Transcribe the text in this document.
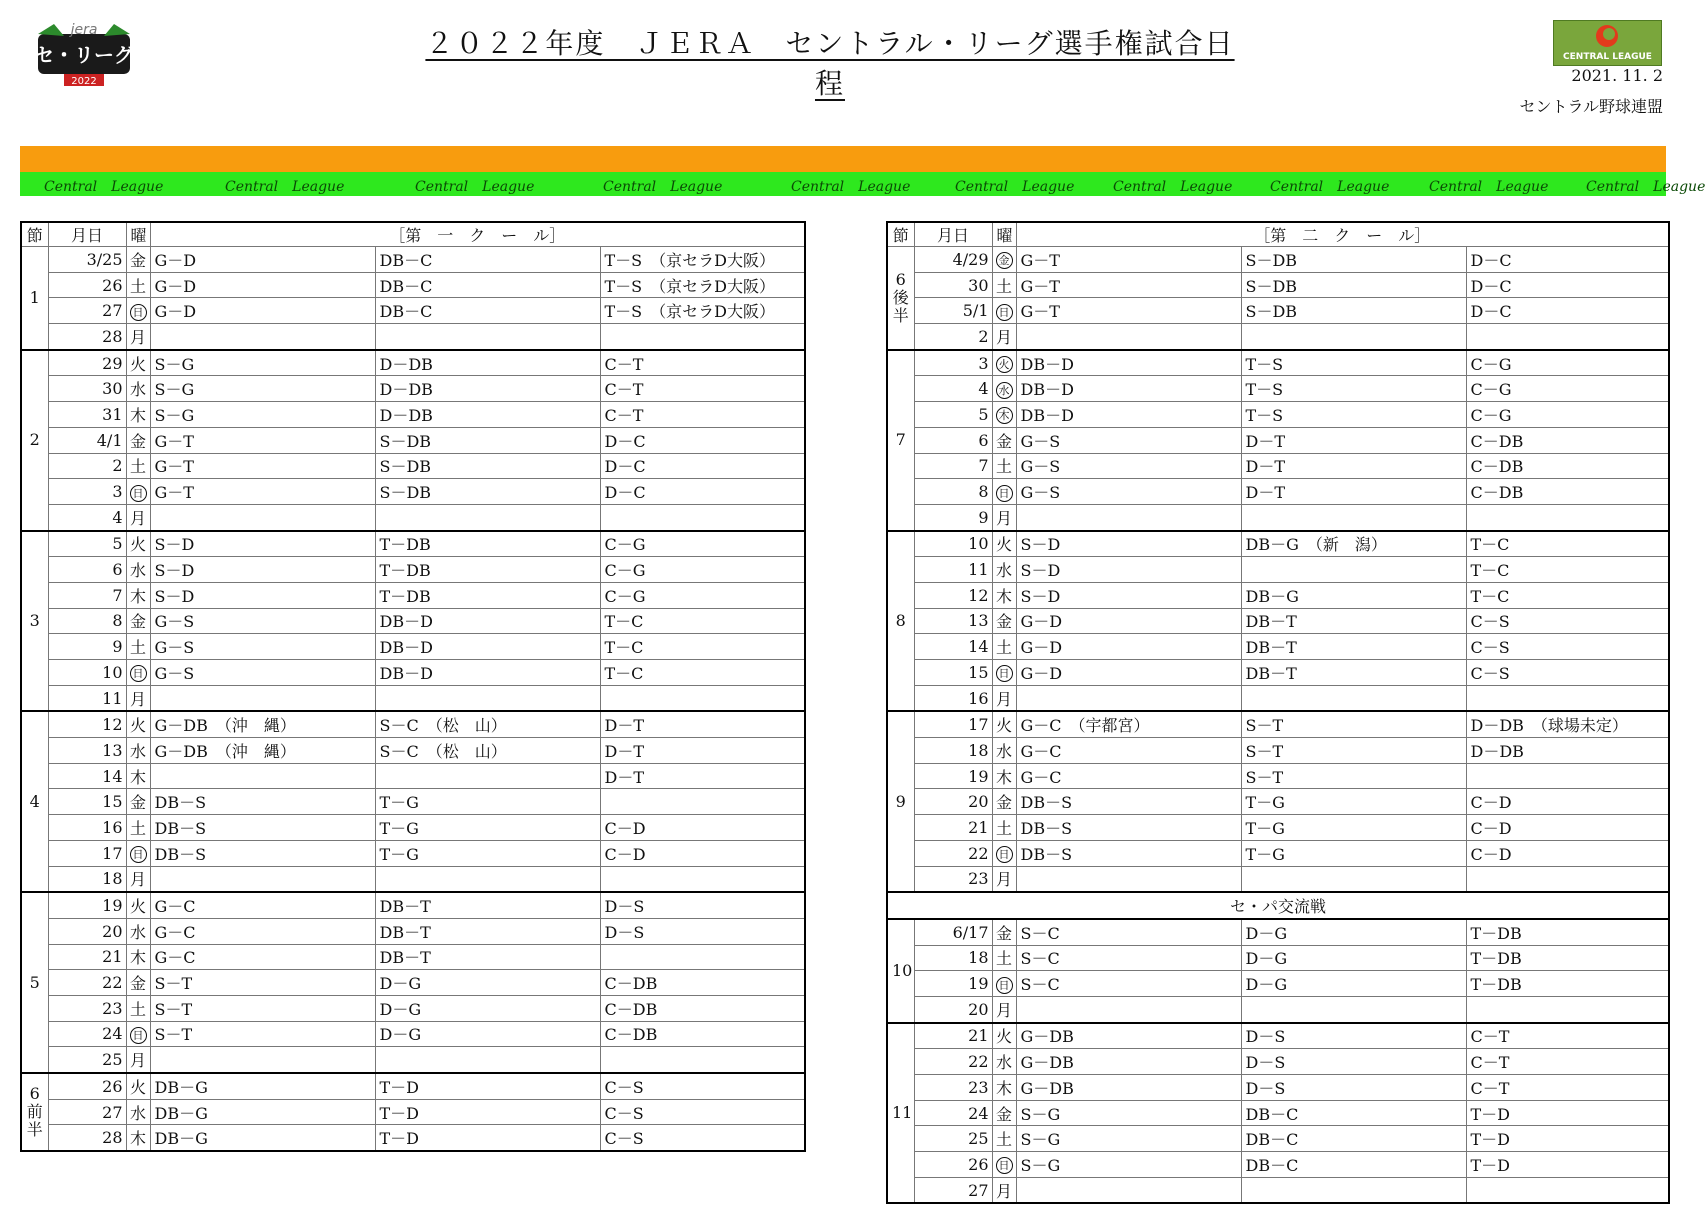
jera
セ・リーグ
2022
２０２２年度　ＪＥＲＡ　セントラル・リーグ選手権試合日程
CENTRAL LEAGUE
2021. 11. 2
セントラル野球連盟
Central　League	Central　League	Central　League	Central　League	Central　League	Central　League	Central　League	Central　League	Central　League	Central　League
節	月日	曜	［第　一　ク　ー　ル］		
1	3/25	金	G－D	DB－C	T－S　（京セラD大阪）
	26	土	G－D	DB－C	T－S　（京セラD大阪）
	27	日	G－D	DB－C	T－S　（京セラD大阪）
	28	月			
2	29	火	S－G	D－DB	C－T
	30	水	S－G	D－DB	C－T
	31	木	S－G	D－DB	C－T
	4/1	金	G－T	S－DB	D－C
	2	土	G－T	S－DB	D－C
	3	日	G－T	S－DB	D－C
	4	月			
3	5	火	S－D	T－DB	C－G
	6	水	S－D	T－DB	C－G
	7	木	S－D	T－DB	C－G
	8	金	G－S	DB－D	T－C
	9	土	G－S	DB－D	T－C
	10	日	G－S	DB－D	T－C
	11	月			
4	12	火	G－DB　（沖　縄）	S－C　（松　山）	D－T
	13	水	G－DB　（沖　縄）	S－C　（松　山）	D－T
	14	木			D－T
	15	金	DB－S	T－G	
	16	土	DB－S	T－G	C－D
	17	日	DB－S	T－G	C－D
	18	月			
5	19	火	G－C	DB－T	D－S
	20	水	G－C	DB－T	D－S
	21	木	G－C	DB－T	
	22	金	S－T	D－G	C－DB
	23	土	S－T	D－G	C－DB
	24	日	S－T	D－G	C－DB
	25	月			
6
前
半	26	火	DB－G	T－D	C－S
	27	水	DB－G	T－D	C－S
	28	木	DB－G	T－D	C－S
節	月日	曜	［第　二　ク　ー　ル］		
6
後
半	4/29	金	G－T	S－DB	D－C
	30	土	G－T	S－DB	D－C
	5/1	日	G－T	S－DB	D－C
	2	月			
7	3	火	DB－D	T－S	C－G
	4	水	DB－D	T－S	C－G
	5	木	DB－D	T－S	C－G
	6	金	G－S	D－T	C－DB
	7	土	G－S	D－T	C－DB
	8	日	G－S	D－T	C－DB
	9	月			
8	10	火	S－D	DB－G　（新　潟）	T－C
	11	水	S－D		T－C
	12	木	S－D	DB－G	T－C
	13	金	G－D	DB－T	C－S
	14	土	G－D	DB－T	C－S
	15	日	G－D	DB－T	C－S
	16	月			
9	17	火	G－C　（宇都宮）	S－T	D－DB　（球場未定）
	18	水	G－C	S－T	D－DB
	19	木	G－C	S－T	
	20	金	DB－S	T－G	C－D
	21	土	DB－S	T－G	C－D
	22	日	DB－S	T－G	C－D
	23	月			
セ・パ交流戦					
10	6/17	金	S－C	D－G	T－DB
	18	土	S－C	D－G	T－DB
	19	日	S－C	D－G	T－DB
	20	月			
11	21	火	G－DB	D－S	C－T
	22	水	G－DB	D－S	C－T
	23	木	G－DB	D－S	C－T
	24	金	S－G	DB－C	T－D
	25	土	S－G	DB－C	T－D
	26	日	S－G	DB－C	T－D
	27	月			
